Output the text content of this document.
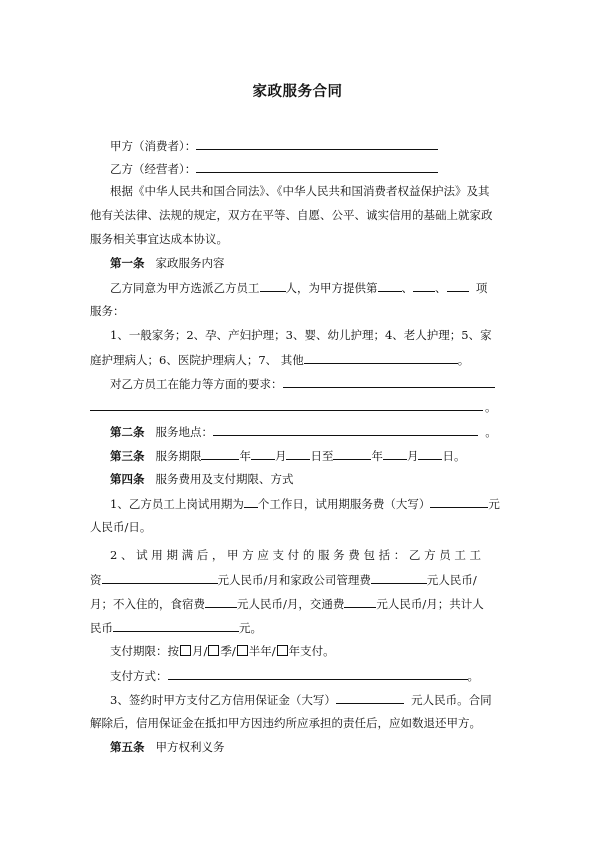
家政服务合同
甲方（消费者）：
乙方（经营者）：
根据《中华人民共和国合同法》、《中华人民共和国消费者权益保护法》及其
他有关法律、法规的规定，双方在平等、自愿、公平、诚实信用的基础上就家政
服务相关事宜达成本协议。
第一条 家政服务内容
乙方同意为甲方选派乙方员工 人，为甲方提供第 、 、	项
服务：
1、一般家务；2、孕、产妇护理；3、婴、幼儿护理；4、老人护理；5、家
庭护理病人；6、医院护理病人；7、 其他	。
对乙方员工在能力等方面的要求：
。
第二条 服务地点：	。
第三条 服务期限	年 月 日至	年 月 日。
第四条 服务费用及支付期限、方式
1、乙方员工上岗试用期为 个工作日，试用期服务费（大写）	元
人民币/日。
2 、 试 用 期 满 后 ， 甲 方 应 支 付 的 服 务 费 包 括 ： 乙 方 员 工 工
资	元人民币/月和家政公司管理费	元人民币/
月；不入住的，食宿费	元人民币/月，交通费	元人民币/月；共计人
民币	元。
支付期限：按 月/ 季/ 半年/ 年支付。
支付方式：	。
3、签约时甲方支付乙方信用保证金（大写）	元人民币。合同
解除后，信用保证金在抵扣甲方因违约所应承担的责任后，应如数退还甲方。
第五条 甲方权利义务
